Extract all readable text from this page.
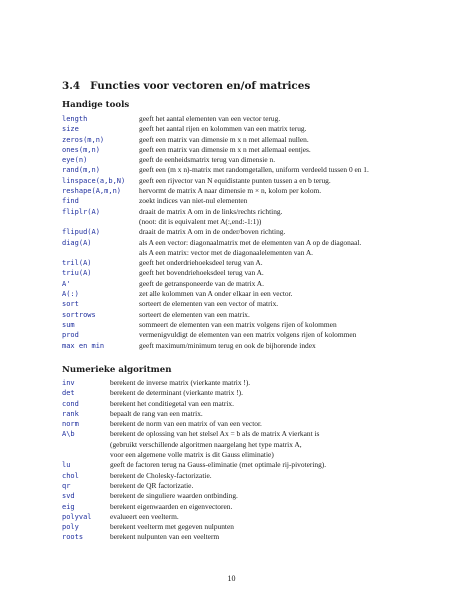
3.4 Functies voor vectoren en/of matrices
Handige tools
length	geeft het aantal elementen van een vector terug.
size	geeft het aantal rijen en kolommen van een matrix terug.
zeros(m,n)	geeft een matrix van dimensie m x n met allemaal nullen.
ones(m,n)	geeft een matrix van dimensie m x n met allemaal eentjes.
eye(n)	geeft de eenheidsmatrix terug van dimensie n.
rand(m,n)	geeft een (m x n)-matrix met randomgetallen, uniform verdeeld tussen 0 en 1.
linspace(a,b,N) geeft een rijvector van N equidistante punten tussen a en b terug.
reshape(A,m,n) hervormt de matrix A naar dimensie m × n, kolom per kolom.
find	zoekt indices van niet-nul elementen
fliplr(A)	draait de matrix A om in de links/rechts richting.
(noot: dit is equivalent met A(:,end:-1:1))
flipud(A)	draait de matrix A om in de onder/boven richting.
diag(A)	als A een vector: diagonaalmatrix met de elementen van A op de diagonaal.
als A een matrix: vector met de diagonaalelementen van A.
tril(A)	geeft het onderdriehoeksdeel terug van A.
triu(A)	geeft het bovendriehoeksdeel terug van A.
A'	geeft de getransponeerde van de matrix A.
A(:)	zet alle kolommen van A onder elkaar in een vector.
sort	sorteert de elementen van een vector of matrix.
sortrows	sorteert de elementen van een matrix.
sum	sommeert de elementen van een matrix volgens rijen of kolommen
prod	vermenigvuldigt de elementen van een matrix volgens rijen of kolommen
max en min	geeft maximum/minimum terug en ook de bijhorende index
Numerieke algoritmen
inv	berekent de inverse matrix (vierkante matrix !).
det	berekent de determinant (vierkante matrix !).
cond	berekent het conditiegetal van een matrix.
rank	bepaalt de rang van een matrix.
norm	berekent de norm van een matrix of van een vector.
A\b	berekent de oplossing van het stelsel Ax = b als de matrix A vierkant is
(gebruikt verschillende algoritmen naargelang het type matrix A,
voor een algemene volle matrix is dit Gauss eliminatie)
lu	geeft de factoren terug na Gauss-eliminatie (met optimale rij-pivotering).
chol	berekent de Cholesky-factorizatie.
qr	berekent de QR factorizatie.
svd	berekent de singuliere waarden ontbinding.
eig	berekent eigenwaarden en eigenvectoren.
polyval evalueert een veelterm.
poly	berekent veelterm met gegeven nulpunten
roots	berekent nulpunten van een veelterm
10
